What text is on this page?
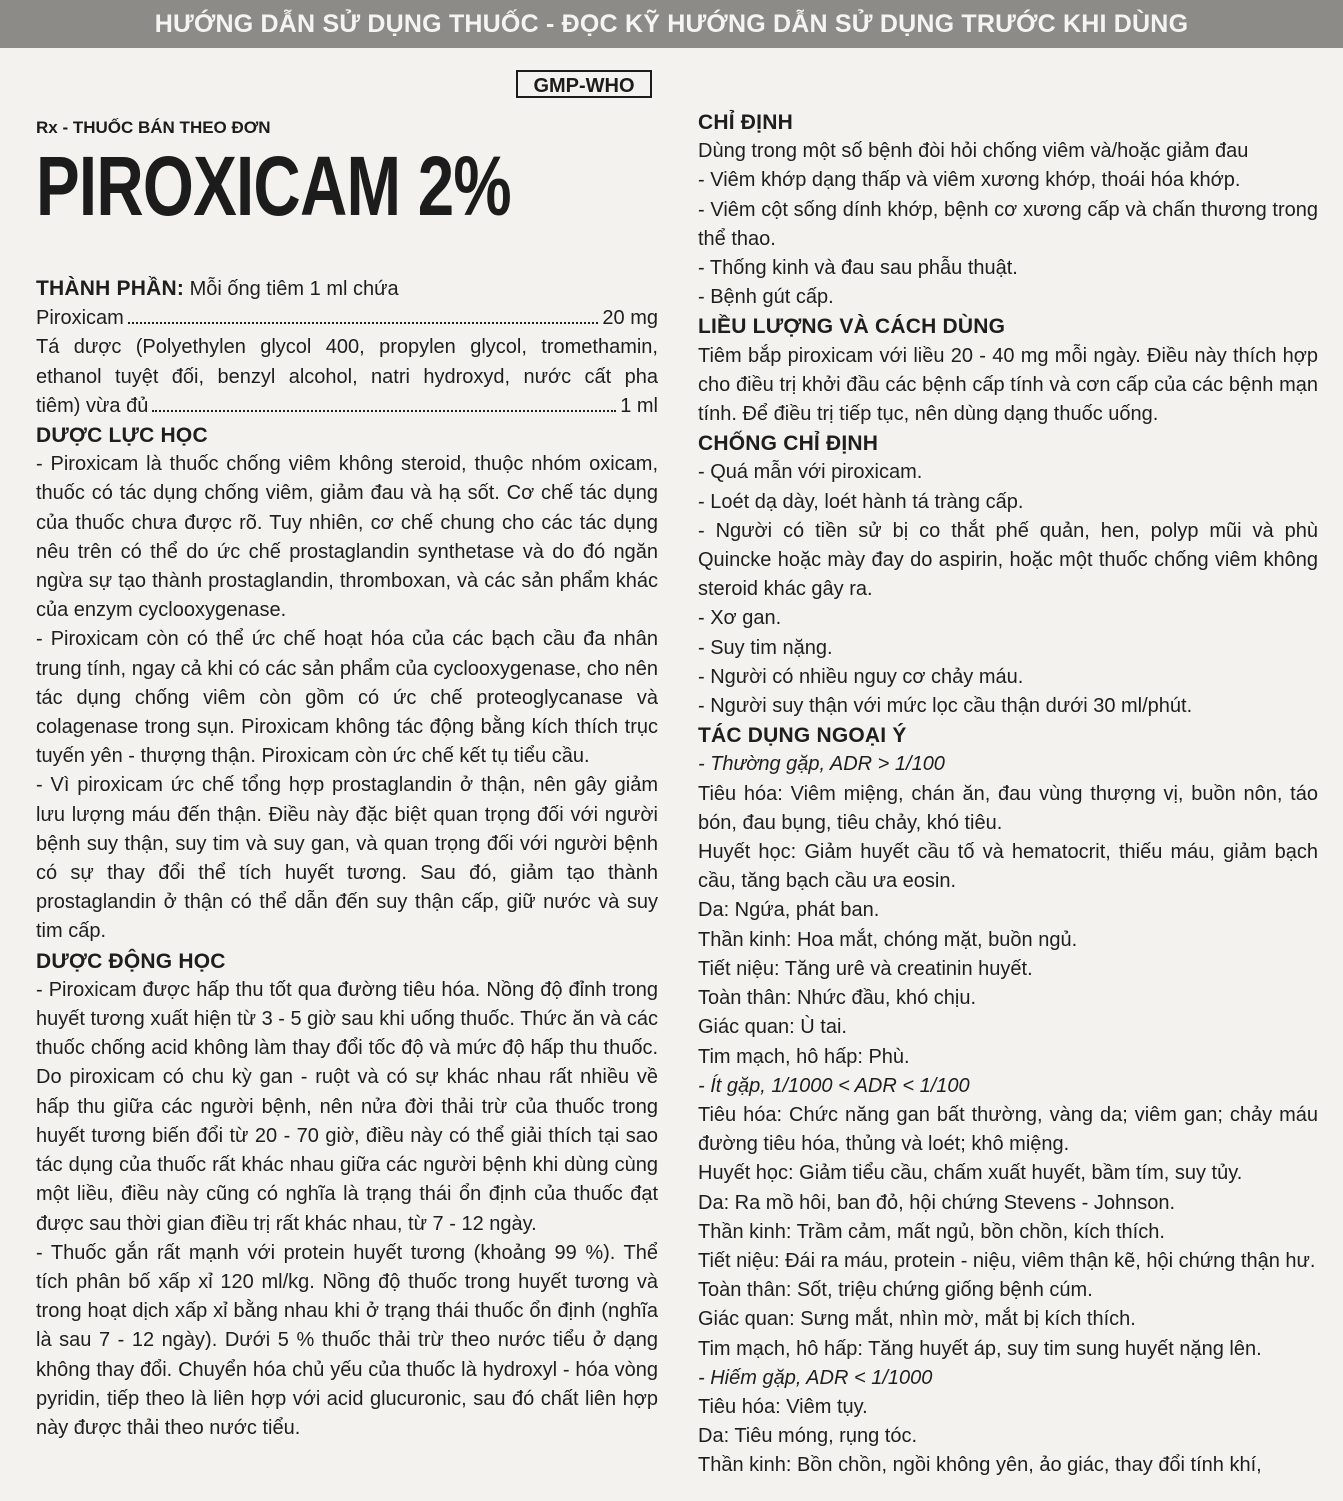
HƯỚNG DẪN SỬ DỤNG THUỐC - ĐỌC KỸ HƯỚNG DẪN SỬ DỤNG TRƯỚC KHI DÙNG
GMP-WHO
Rx - THUỐC BÁN THEO ĐƠN
PIROXICAM 2%
THÀNH PHẦN: Mỗi ống tiêm 1 ml chứa
Piroxicam	20 mg
Tá dược (Polyethylen glycol 400, propylen glycol, tromethamin,
ethanol tuyệt đối, benzyl alcohol, natri hydroxyd, nước cất pha
tiêm) vừa đủ	1 ml
DƯỢC LỰC HỌC
- Piroxicam là thuốc chống viêm không steroid, thuộc nhóm oxicam, thuốc có tác dụng chống viêm, giảm đau và hạ sốt. Cơ chế tác dụng của thuốc chưa được rõ. Tuy nhiên, cơ chế chung cho các tác dụng nêu trên có thể do ức chế prostaglandin synthetase và do đó ngăn ngừa sự tạo thành prostaglandin, thromboxan, và các sản phẩm khác của enzym cyclooxygenase.
- Piroxicam còn có thể ức chế hoạt hóa của các bạch cầu đa nhân trung tính, ngay cả khi có các sản phẩm của cyclooxygenase, cho nên tác dụng chống viêm còn gồm có ức chế proteoglycanase và colagenase trong sụn. Piroxicam không tác động bằng kích thích trục tuyến yên - thượng thận. Piroxicam còn ức chế kết tụ tiểu cầu.
- Vì piroxicam ức chế tổng hợp prostaglandin ở thận, nên gây giảm lưu lượng máu đến thận. Điều này đặc biệt quan trọng đối với người bệnh suy thận, suy tim và suy gan, và quan trọng đối với người bệnh có sự thay đổi thể tích huyết tương. Sau đó, giảm tạo thành prostaglandin ở thận có thể dẫn đến suy thận cấp, giữ nước và suy tim cấp.
DƯỢC ĐỘNG HỌC
- Piroxicam được hấp thu tốt qua đường tiêu hóa. Nồng độ đỉnh trong huyết tương xuất hiện từ 3 - 5 giờ sau khi uống thuốc. Thức ăn và các thuốc chống acid không làm thay đổi tốc độ và mức độ hấp thu thuốc. Do piroxicam có chu kỳ gan - ruột và có sự khác nhau rất nhiều về hấp thu giữa các người bệnh, nên nửa đời thải trừ của thuốc trong huyết tương biến đổi từ 20 - 70 giờ, điều này có thể giải thích tại sao tác dụng của thuốc rất khác nhau giữa các người bệnh khi dùng cùng một liều, điều này cũng có nghĩa là trạng thái ổn định của thuốc đạt được sau thời gian điều trị rất khác nhau, từ 7 - 12 ngày.
- Thuốc gắn rất mạnh với protein huyết tương (khoảng 99 %). Thể tích phân bố xấp xỉ 120 ml/kg. Nồng độ thuốc trong huyết tương và trong hoạt dịch xấp xỉ bằng nhau khi ở trạng thái thuốc ổn định (nghĩa là sau 7 - 12 ngày). Dưới 5 % thuốc thải trừ theo nước tiểu ở dạng không thay đổi. Chuyển hóa chủ yếu của thuốc là hydroxyl - hóa vòng pyridin, tiếp theo là liên hợp với acid glucuronic, sau đó chất liên hợp này được thải theo nước tiểu.
CHỈ ĐỊNH
Dùng trong một số bệnh đòi hỏi chống viêm và/hoặc giảm đau
- Viêm khớp dạng thấp và viêm xương khớp, thoái hóa khớp.
- Viêm cột sống dính khớp, bệnh cơ xương cấp và chấn thương trong thể thao.
- Thống kinh và đau sau phẫu thuật.
- Bệnh gút cấp.
LIỀU LƯỢNG VÀ CÁCH DÙNG
Tiêm bắp piroxicam với liều 20 - 40 mg mỗi ngày. Điều này thích hợp cho điều trị khởi đầu các bệnh cấp tính và cơn cấp của các bệnh mạn tính. Để điều trị tiếp tục, nên dùng dạng thuốc uống.
CHỐNG CHỈ ĐỊNH
- Quá mẫn với piroxicam.
- Loét dạ dày, loét hành tá tràng cấp.
- Người có tiền sử bị co thắt phế quản, hen, polyp mũi và phù Quincke hoặc mày đay do aspirin, hoặc một thuốc chống viêm không steroid khác gây ra.
- Xơ gan.
- Suy tim nặng.
- Người có nhiều nguy cơ chảy máu.
- Người suy thận với mức lọc cầu thận dưới 30 ml/phút.
TÁC DỤNG NGOẠI Ý
- Thường gặp, ADR > 1/100
Tiêu hóa: Viêm miệng, chán ăn, đau vùng thượng vị, buồn nôn, táo bón, đau bụng, tiêu chảy, khó tiêu.
Huyết học: Giảm huyết cầu tố và hematocrit, thiếu máu, giảm bạch cầu, tăng bạch cầu ưa eosin.
Da: Ngứa, phát ban.
Thần kinh: Hoa mắt, chóng mặt, buồn ngủ.
Tiết niệu: Tăng urê và creatinin huyết.
Toàn thân: Nhức đầu, khó chịu.
Giác quan: Ù tai.
Tim mạch, hô hấp: Phù.
- Ít gặp, 1/1000 < ADR < 1/100
Tiêu hóa: Chức năng gan bất thường, vàng da; viêm gan; chảy máu đường tiêu hóa, thủng và loét; khô miệng.
Huyết học: Giảm tiểu cầu, chấm xuất huyết, bầm tím, suy tủy.
Da: Ra mồ hôi, ban đỏ, hội chứng Stevens - Johnson.
Thần kinh: Trầm cảm, mất ngủ, bồn chồn, kích thích.
Tiết niệu: Đái ra máu, protein - niệu, viêm thận kẽ, hội chứng thận hư.
Toàn thân: Sốt, triệu chứng giống bệnh cúm.
Giác quan: Sưng mắt, nhìn mờ, mắt bị kích thích.
Tim mạch, hô hấp: Tăng huyết áp, suy tim sung huyết nặng lên.
- Hiếm gặp, ADR < 1/1000
Tiêu hóa: Viêm tụy.
Da: Tiêu móng, rụng tóc.
Thần kinh: Bồn chồn, ngồi không yên, ảo giác, thay đổi tính khí,
